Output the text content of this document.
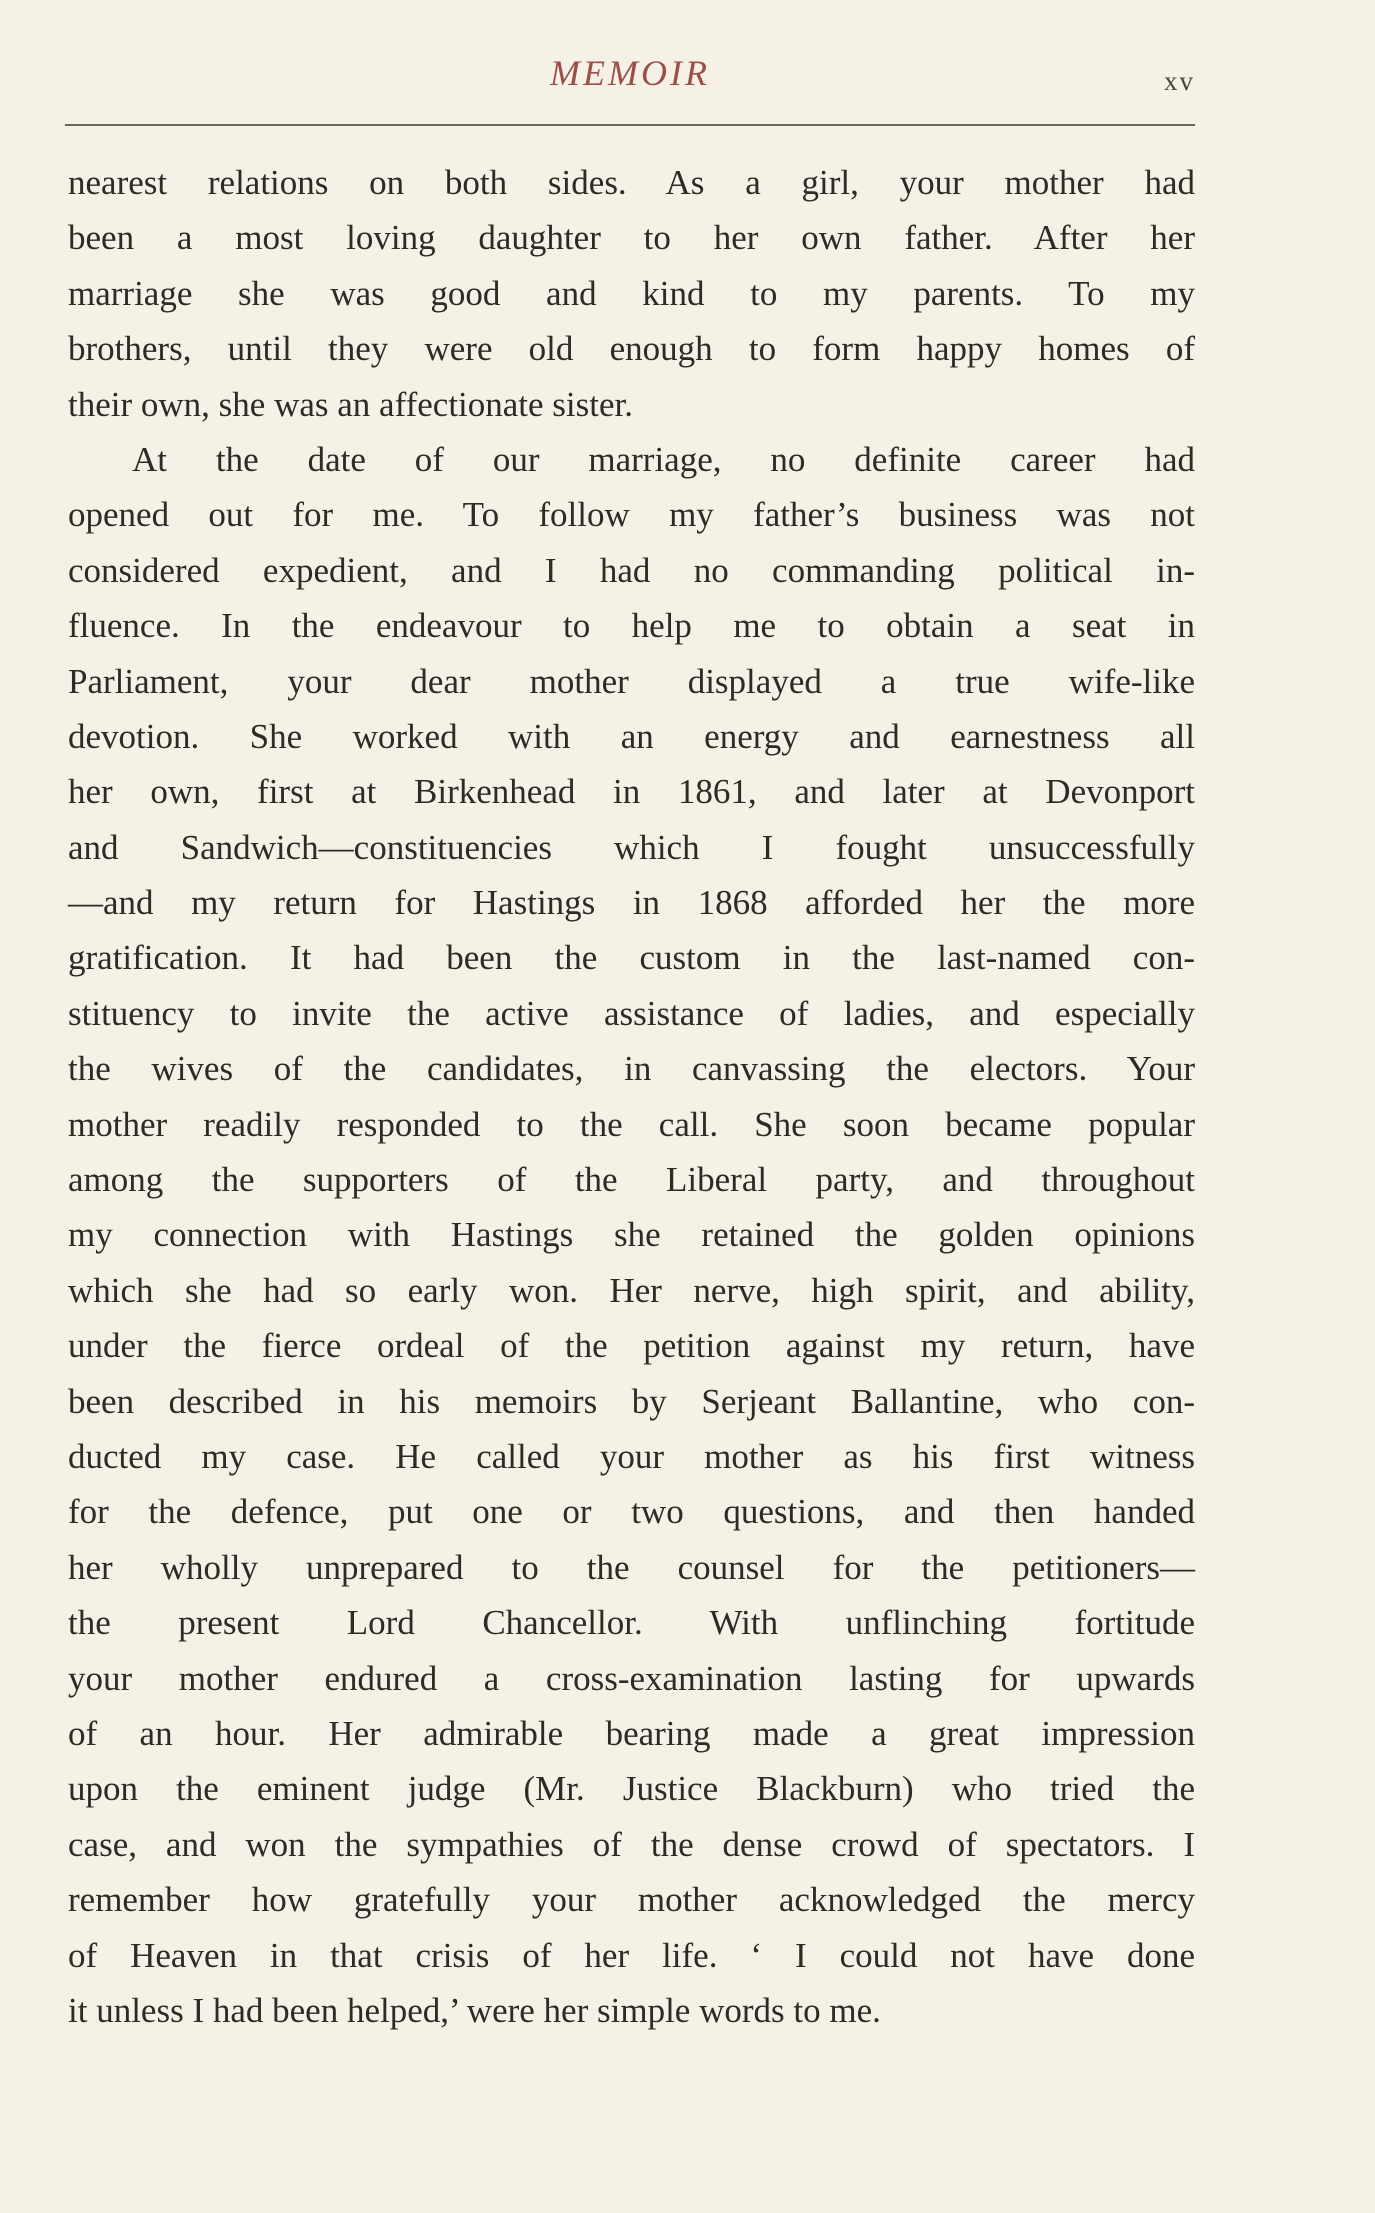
MEMOIR	xv
nearest relations on both sides. As a girl, your mother had
been a most loving daughter to her own father. After her
marriage she was good and kind to my parents. To my
brothers, until they were old enough to form happy homes of
their own, she was an affectionate sister.
At the date of our marriage, no definite career had
opened out for me. To follow my father’s business was not
considered expedient, and I had no commanding political in-
fluence. In the endeavour to help me to obtain a seat in
Parliament, your dear mother displayed a true wife-like
devotion. She worked with an energy and earnestness all
her own, first at Birkenhead in 1861, and later at Devonport
and Sandwich—constituencies which I fought unsuccessfully
—and my return for Hastings in 1868 afforded her the more
gratification. It had been the custom in the last-named con-
stituency to invite the active assistance of ladies, and especially
the wives of the candidates, in canvassing the electors. Your
mother readily responded to the call. She soon became popular
among the supporters of the Liberal party, and throughout
my connection with Hastings she retained the golden opinions
which she had so early won. Her nerve, high spirit, and ability,
under the fierce ordeal of the petition against my return, have
been described in his memoirs by Serjeant Ballantine, who con-
ducted my case. He called your mother as his first witness
for the defence, put one or two questions, and then handed
her wholly unprepared to the counsel for the petitioners—
the present Lord Chancellor. With unflinching fortitude
your mother endured a cross-examination lasting for upwards
of an hour. Her admirable bearing made a great impression
upon the eminent judge (Mr. Justice Blackburn) who tried the
case, and won the sympathies of the dense crowd of spectators. I
remember how gratefully your mother acknowledged the mercy
of Heaven in that crisis of her life. ‘ I could not have done
it unless I had been helped,’ were her simple words to me.
